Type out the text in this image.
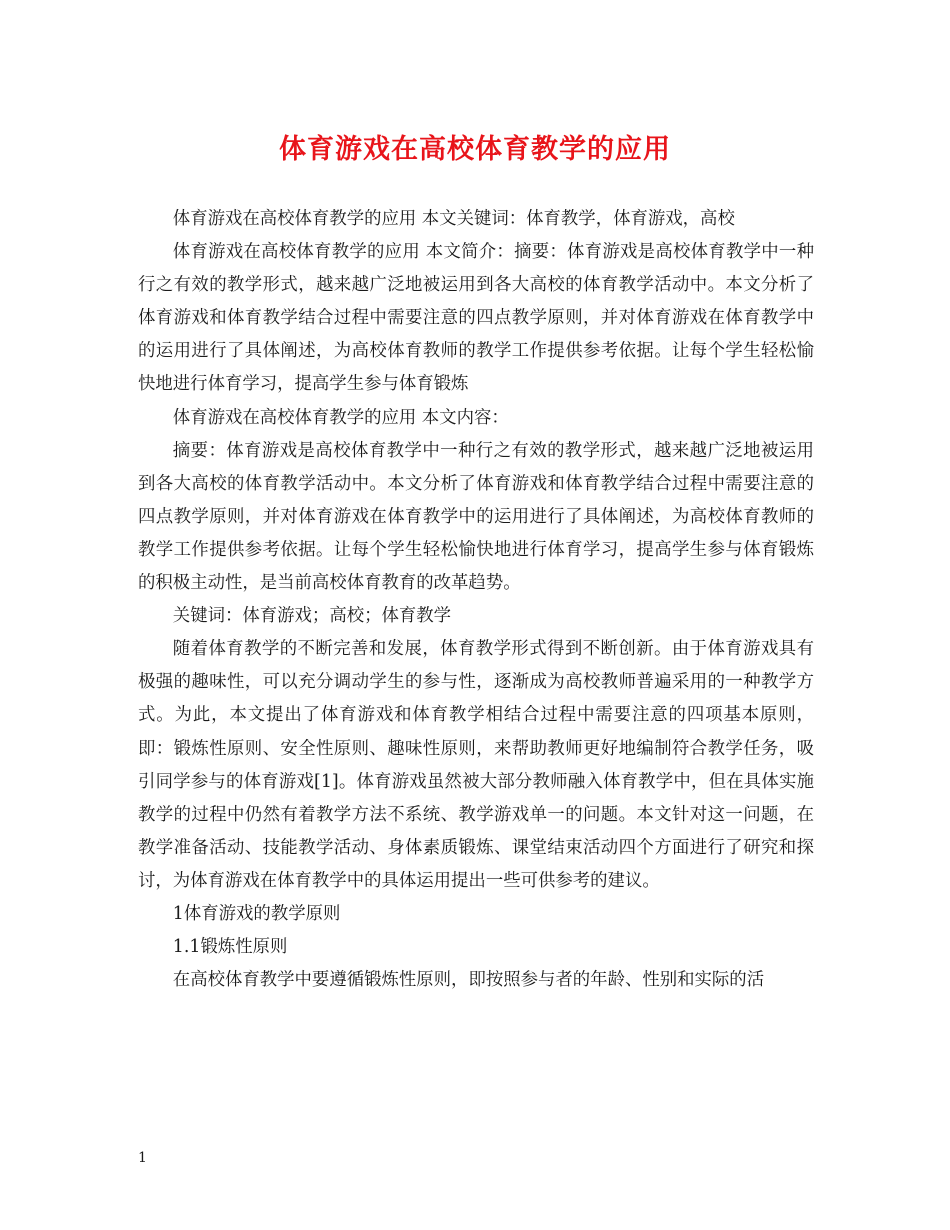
体育游戏在高校体育教学的应用

体育游戏在高校体育教学的应用 本文关键词：体育教学，体育游戏，高校

体育游戏在高校体育教学的应用 本文简介：摘要：体育游戏是高校体育教学中一种行之有效的教学形式，越来越广泛地被运用到各大高校的体育教学活动中。本文分析了体育游戏和体育教学结合过程中需要注意的四点教学原则，并对体育游戏在体育教学中的运用进行了具体阐述，为高校体育教师的教学工作提供参考依据。让每个学生轻松愉快地进行体育学习，提高学生参与体育锻炼

体育游戏在高校体育教学的应用 本文内容：

摘要：体育游戏是高校体育教学中一种行之有效的教学形式，越来越广泛地被运用到各大高校的体育教学活动中。本文分析了体育游戏和体育教学结合过程中需要注意的四点教学原则，并对体育游戏在体育教学中的运用进行了具体阐述，为高校体育教师的教学工作提供参考依据。让每个学生轻松愉快地进行体育学习，提高学生参与体育锻炼的积极主动性，是当前高校体育教育的改革趋势。

关键词：体育游戏；高校；体育教学

随着体育教学的不断完善和发展，体育教学形式得到不断创新。由于体育游戏具有极强的趣味性，可以充分调动学生的参与性，逐渐成为高校教师普遍采用的一种教学方式。为此，本文提出了体育游戏和体育教学相结合过程中需要注意的四项基本原则，即：锻炼性原则、安全性原则、趣味性原则，来帮助教师更好地编制符合教学任务，吸引同学参与的体育游戏[1]。体育游戏虽然被大部分教师融入体育教学中，但在具体实施教学的过程中仍然有着教学方法不系统、教学游戏单一的问题。本文针对这一问题，在教学准备活动、技能教学活动、身体素质锻炼、课堂结束活动四个方面进行了研究和探讨，为体育游戏在体育教学中的具体运用提出一些可供参考的建议。

1体育游戏的教学原则

1.1锻炼性原则

在高校体育教学中要遵循锻炼性原则，即按照参与者的年龄、性别和实际的活

1
